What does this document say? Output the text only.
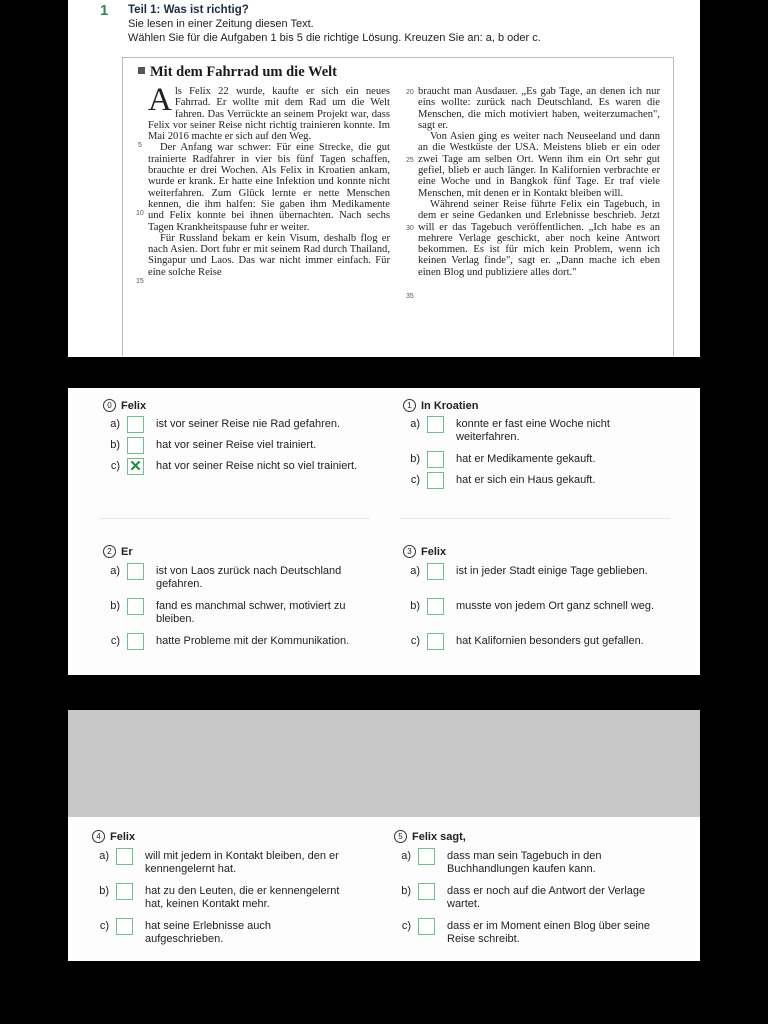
1 Teil 1: Was ist richtig?
Sie lesen in einer Zeitung diesen Text.
Wählen Sie für die Aufgaben 1 bis 5 die richtige Lösung. Kreuzen Sie an: a, b oder c.
Mit dem Fahrrad um die Welt

Als Felix 22 wurde, kaufte er sich ein neues Fahrrad. Er wollte mit dem Rad um die Welt fahren. Das Verrückte an seinem Projekt war, dass Felix vor seiner Reise nicht richtig trainieren konnte. Im Mai 2016 machte er sich auf den Weg.

Der Anfang war schwer: Für eine Strecke, die gut trainierte Radfahrer in vier bis fünf Tagen schaffen, brauchte er drei Wochen. Als Felix in Kroatien ankam, wurde er krank. Er hatte eine Infektion und konnte nicht weiterfahren. Zum Glück lernte er nette Menschen kennen, die ihm halfen: Sie gaben ihm Medikamente und Felix konnte bei ihnen übernachten. Nach sechs Tagen Krankheitspause fuhr er weiter.

Für Russland bekam er kein Visum, deshalb flog er nach Asien. Dort fuhr er mit seinem Rad durch Thailand, Singapur und Laos. Das war nicht immer einfach. Für eine solche Reise

braucht man Ausdauer. „Es gab Tage, an denen ich nur eins wollte: zurück nach Deutschland. Es waren die Menschen, die mich motiviert haben, weiterzumachen", sagt er.

Von Asien ging es weiter nach Neuseeland und dann an die Westküste der USA. Meistens blieb er ein oder zwei Tage am selben Ort. Wenn ihm ein Ort sehr gut gefiel, blieb er auch länger. In Kalifornien verbrachte er eine Woche und in Bangkok fünf Tage. Er traf viele Menschen, mit denen er in Kontakt bleiben will.

Während seiner Reise führte Felix ein Tagebuch, in dem er seine Gedanken und Erlebnisse beschrieb. Jetzt will er das Tagebuch veröffentlichen. „Ich habe es an mehrere Verlage geschickt, aber noch keine Antwort bekommen. Es ist für mich kein Problem, wenn ich keinen Verlag finde", sagt er. „Dann mache ich eben einen Blog und publiziere alles dort."

5
10
15
20
25
30
35
0 Felix
a)	ist vor seiner Reise nie Rad gefahren.
b)	hat vor seiner Reise viel trainiert.
c) ✕ hat vor seiner Reise nicht so viel trainiert.
1 In Kroatien
a)	konnte er fast eine Woche nicht weiterfahren.
b)	hat er Medikamente gekauft.
c)	hat er sich ein Haus gekauft.
2 Er
a)	ist von Laos zurück nach Deutschland gefahren.
b)	fand es manchmal schwer, motiviert zu bleiben.
c)	hatte Probleme mit der Kommunikation.
3 Felix
a)	ist in jeder Stadt einige Tage geblieben.
b)	musste von jedem Ort ganz schnell weg.
c)	hat Kalifornien besonders gut gefallen.
4 Felix
a)	will mit jedem in Kontakt bleiben, den er kennengelernt hat.
b)	hat zu den Leuten, die er kennengelernt hat, keinen Kontakt mehr.
c)	hat seine Erlebnisse auch aufgeschrieben.
5 Felix sagt,
a)	dass man sein Tagebuch in den Buchhandlungen kaufen kann.
b)	dass er noch auf die Antwort der Verlage wartet.
c)	dass er im Moment einen Blog über seine Reise schreibt.
